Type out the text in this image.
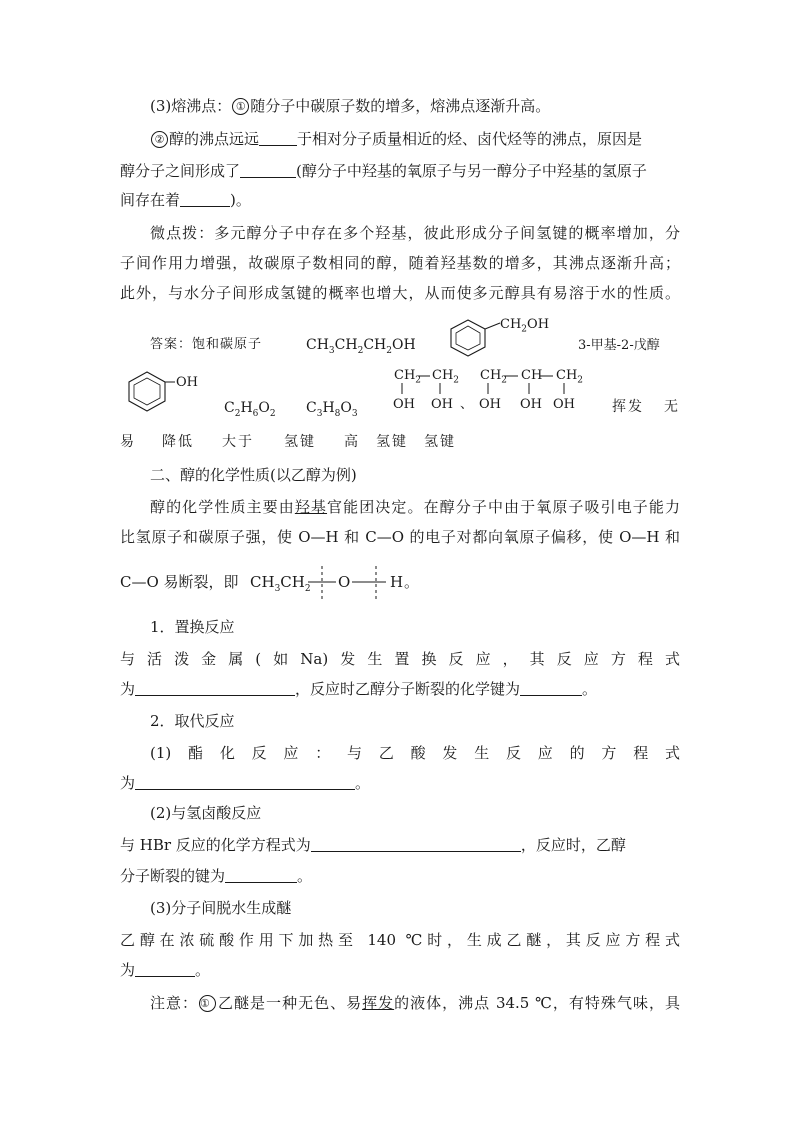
(3)熔沸点： ① 随分子中碳原子数的增多，熔沸点逐渐升高。
② 醇的沸点远远	于相对分子质量相近的烃、卤代烃等的沸点，原因是
醇分子之间形成了	(醇分子中羟基的氧原子与另一醇分子中羟基的氢原子
间存在着	)。
微点拨：多元醇分子中存在多个羟基，彼此形成分子间氢键的概率增加，分
子间作用力增强，故碳原子数相同的醇，随着羟基数的增多，其沸点逐渐升高；
此外，与水分子间形成氢键的概率也增大，从而使多元醇具有易溶于水的性质。
答案：饱和碳原子	$CH_3CH_2CH_2OH$
$CH_2OH$
3-甲基-2-戊醇
OH
$C_2H_6O_2$ $C_3H_8O_3$
$CH_2$ $CH_2$
OH OH 、
$CH_2$ CH $CH_2$
OH OH OH	挥发 无
易 降低 大于 氢键 高 氢键 氢键
二、醇的化学性质(以乙醇为例)
醇的化学性质主要由羟基官能团决定。在醇分子中由于氧原子吸引电子能力
比氢原子和碳原子强，使 O—H 和 C—O 的电子对都向氧原子偏移，使 O—H 和
C—O 易断裂，即 $CH_3CH_2$ O	H 。
1．置换反应
与活泼金属(如Na)发生置换反应，其反应方程式
为	，反应时乙醇分子断裂的化学键为	。
2．取代反应
(1)酯化反应：与乙酸发生反应的方程式
为	。
(2)与氢卤酸反应
与 HBr 反应的化学方程式为	，反应时，乙醇
分子断裂的键为	。
(3)分子间脱水生成醚
乙醇在浓硫酸作用下加热至 140 ℃时，生成乙醚，其反应方程式
为	。
注意： ① 乙醚是一种无色、易挥发的液体，沸点 34.5 ℃，有特殊气味，具
